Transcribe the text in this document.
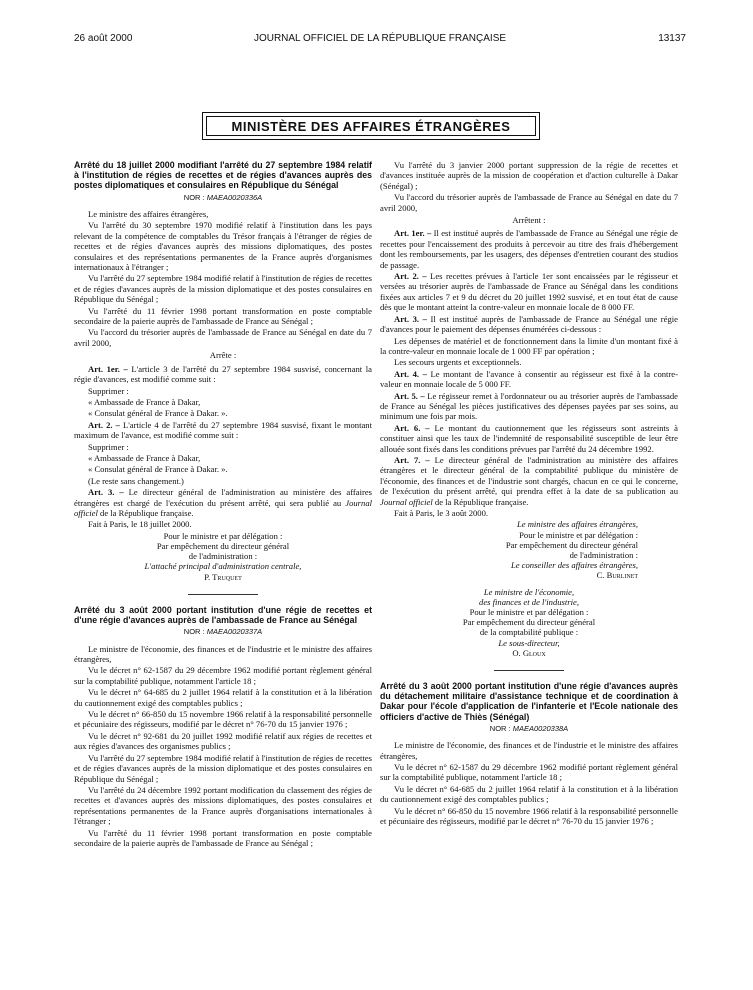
26 août 2000	JOURNAL OFFICIEL DE LA RÉPUBLIQUE FRANÇAISE	13137
MINISTÈRE DES AFFAIRES ÉTRANGÈRES
Arrêté du 18 juillet 2000 modifiant l'arrêté du 27 septembre 1984 relatif à l'institution de régies de recettes et de régies d'avances auprès des postes diplomatiques et consulaires en République du Sénégal
NOR : MAEA0020336A

Le ministre des affaires étrangères,

Vu l'arrêté du 30 septembre 1970 modifié relatif à l'institution dans les pays relevant de la compétence de comptables du Trésor français à l'étranger de régies de recettes et de régies d'avances auprès des missions diplomatiques, des postes consulaires et des représentations permanentes de la France auprès d'organismes internationaux à l'étranger ;

Vu l'arrêté du 27 septembre 1984 modifié relatif à l'institution de régies de recettes et de régies d'avances auprès de la mission diplomatique et des postes consulaires en République du Sénégal ;

Vu l'arrêté du 11 février 1998 portant transformation en poste comptable secondaire de la paierie auprès de l'ambassade de France au Sénégal ;

Vu l'accord du trésorier auprès de l'ambassade de France au Sénégal en date du 7 avril 2000,

Arrête :

Art. 1er. – L'article 3 de l'arrêté du 27 septembre 1984 susvisé, concernant la régie d'avances, est modifié comme suit :

Supprimer :

« Ambassade de France à Dakar,

« Consulat général de France à Dakar. ».

Art. 2. – L'article 4 de l'arrêté du 27 septembre 1984 susvisé, fixant le montant maximum de l'avance, est modifié comme suit :

Supprimer :

« Ambassade de France à Dakar,

« Consulat général de France à Dakar. ».

(Le reste sans changement.)

Art. 3. – Le directeur général de l'administration au ministère des affaires étrangères est chargé de l'exécution du présent arrêté, qui sera publié au Journal officiel de la République française.

Fait à Paris, le 18 juillet 2000.

Pour le ministre et par délégation :
Par empêchement du directeur général
de l'administration :
L'attaché principal d'administration centrale,
P. Truquet
Arrêté du 3 août 2000 portant institution d'une régie de recettes et d'une régie d'avances auprès de l'ambassade de France au Sénégal
NOR : MAEA0020337A

Le ministre de l'économie, des finances et de l'industrie et le ministre des affaires étrangères,

Vu le décret n° 62-1587 du 29 décembre 1962 modifié portant règlement général sur la comptabilité publique, notamment l'article 18 ;

Vu le décret n° 64-685 du 2 juillet 1964 relatif à la constitution et à la libération du cautionnement exigé des comptables publics ;

Vu le décret n° 66-850 du 15 novembre 1966 relatif à la responsabilité personnelle et pécuniaire des régisseurs, modifié par le décret n° 76-70 du 15 janvier 1976 ;

Vu le décret n° 92-681 du 20 juillet 1992 modifié relatif aux régies de recettes et aux régies d'avances des organismes publics ;

Vu l'arrêté du 27 septembre 1984 modifié relatif à l'institution de régies de recettes et de régies d'avances auprès de la mission diplomatique et des postes consulaires en République du Sénégal ;

Vu l'arrêté du 24 décembre 1992 portant modification du classement des régies de recettes et d'avances auprès des missions diplomatiques, des postes consulaires et représentations permanentes de la France auprès d'organisations internationales à l'étranger ;

Vu l'arrêté du 11 février 1998 portant transformation en poste comptable secondaire de la paierie auprès de l'ambassade de France au Sénégal ;

Vu l'arrêté du 3 janvier 2000 portant suppression de la régie de recettes et d'avances instituée auprès de la mission de coopération et d'action culturelle à Dakar (Sénégal) ;

Vu l'accord du trésorier auprès de l'ambassade de France au Sénégal en date du 7 avril 2000,

Arrêtent :

Art. 1er. – Il est institué auprès de l'ambassade de France au Sénégal une régie de recettes pour l'encaissement des produits à percevoir au titre des frais d'hébergement dont les remboursements, par les usagers, des dépenses d'entretien courant des studios de passage.

Art. 2. – Les recettes prévues à l'article 1er sont encaissées par le régisseur et versées au trésorier auprès de l'ambassade de France au Sénégal dans les conditions fixées aux articles 7 et 9 du décret du 20 juillet 1992 susvisé, et en tout état de cause dès que le montant atteint la contre-valeur en monnaie locale de 8 000 FF.

Art. 3. – Il est institué auprès de l'ambassade de France au Sénégal une régie d'avances pour le paiement des dépenses énumérées ci-dessous :

Les dépenses de matériel et de fonctionnement dans la limite d'un montant fixé à la contre-valeur en monnaie locale de 1 000 FF par opération ;

Les secours urgents et exceptionnels.

Art. 4. – Le montant de l'avance à consentir au régisseur est fixé à la contre-valeur en monnaie locale de 5 000 FF.

Art. 5. – Le régisseur remet à l'ordonnateur ou au trésorier auprès de l'ambassade de France au Sénégal les pièces justificatives des dépenses payées par ses soins, au minimum une fois par mois.

Art. 6. – Le montant du cautionnement que les régisseurs sont astreints à constituer ainsi que les taux de l'indemnité de responsabilité susceptible de leur être allouée sont fixés dans les conditions prévues par l'arrêté du 24 décembre 1992.

Art. 7. – Le directeur général de l'administration au ministère des affaires étrangères et le directeur général de la comptabilité publique du ministère de l'économie, des finances et de l'industrie sont chargés, chacun en ce qui le concerne, de l'exécution du présent arrêté, qui prendra effet à la date de sa publication au Journal officiel de la République française.

Fait à Paris, le 3 août 2000.

Le ministre des affaires étrangères,
Pour le ministre et par délégation :
Par empêchement du directeur général
de l'administration :
Le conseiller des affaires étrangères,
C. Burlinet
Le ministre de l'économie,
des finances et de l'industrie,
Pour le ministre et par délégation :
Par empêchement du directeur général
de la comptabilité publique :
Le sous-directeur,
O. Gloux
Arrêté du 3 août 2000 portant institution d'une régie d'avances auprès du détachement militaire d'assistance technique et de coordination à Dakar pour l'école d'application de l'infanterie et l'Ecole nationale des officiers d'active de Thiès (Sénégal)
NOR : MAEA0020338A

Le ministre de l'économie, des finances et de l'industrie et le ministre des affaires étrangères,

Vu le décret n° 62-1587 du 29 décembre 1962 modifié portant règlement général sur la comptabilité publique, notamment l'article 18 ;

Vu le décret n° 64-685 du 2 juillet 1964 relatif à la constitution et à la libération du cautionnement exigé des comptables publics ;

Vu le décret n° 66-850 du 15 novembre 1966 relatif à la responsabilité personnelle et pécuniaire des régisseurs, modifié par le décret n° 76-70 du 15 janvier 1976 ;
